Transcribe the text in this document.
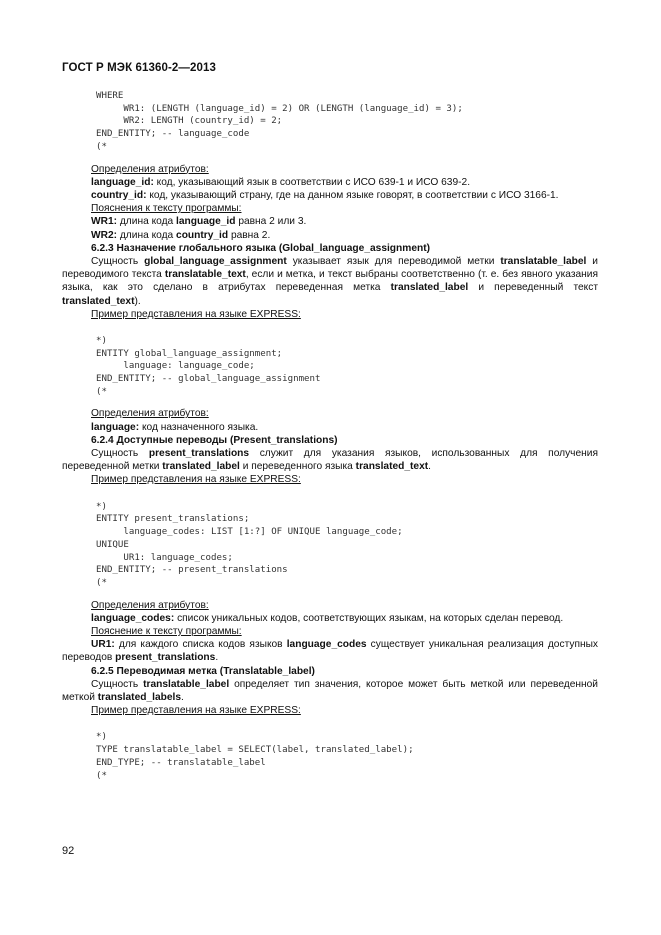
ГОСТ Р МЭК 61360-2—2013
WHERE
WR1: (LENGTH (language_id) = 2) OR (LENGTH (language_id) = 3);
WR2: LENGTH (country_id) = 2;
END_ENTITY; -- language_code
(*

Определения атрибутов:

language_id: код, указывающий язык в соответствии с ИСО 639-1 и ИСО 639-2.

country_id: код, указывающий страну, где на данном языке говорят, в соответствии с ИСО 3166-1.

Пояснения к тексту программы:

WR1: длина кода language_id равна 2 или 3.

WR2: длина кода country_id равна 2.

6.2.3 Назначение глобального языка (Global_language_assignment)

Сущность global_language_assignment указывает язык для переводимой метки translatable_label и переводимого текста translatable_text, если и метка, и текст выбраны соответственно (т. е. без явного указания языка, как это сделано в атрибутах переведенная метка translated_label и переведенный текст translated_text).

Пример представления на языке EXPRESS:

*)
ENTITY global_language_assignment;
language: language_code;
END_ENTITY; -- global_language_assignment
(*

Определения атрибутов:

language: код назначенного языка.

6.2.4 Доступные переводы (Present_translations)

Сущность present_translations служит для указания языков, использованных для получения переведенной метки translated_label и переведенного языка translated_text.

Пример представления на языке EXPRESS:

*)
ENTITY present_translations;
language_codes: LIST [1:?] OF UNIQUE language_code;
UNIQUE
UR1: language_codes;
END_ENTITY; -- present_translations
(*

Определения атрибутов:

language_codes: список уникальных кодов, соответствующих языкам, на которых сделан перевод.

Пояснение к тексту программы:

UR1: для каждого списка кодов языков language_codes существует уникальная реализация доступных переводов present_translations.

6.2.5 Переводимая метка (Translatable_label)

Сущность translatable_label определяет тип значения, которое может быть меткой или переведенной меткой translated_labels.

Пример представления на языке EXPRESS:

*)
TYPE translatable_label = SELECT(label, translated_label);
END_TYPE; -- translatable_label
(*
92
